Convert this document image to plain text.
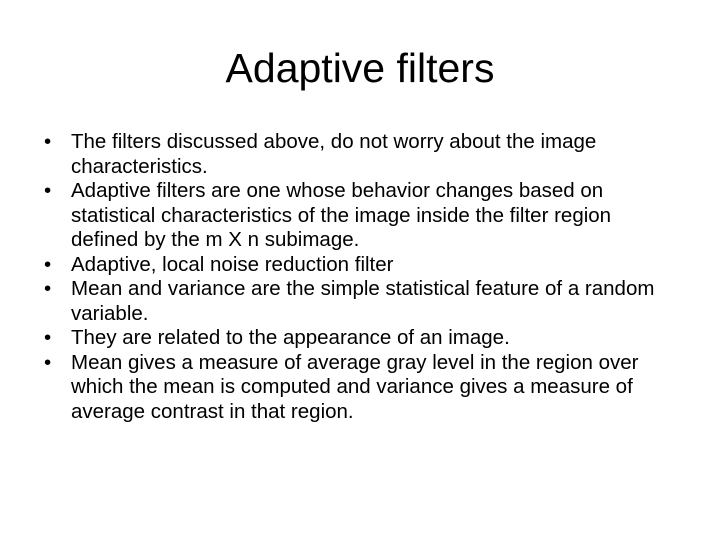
Adaptive filters
• The filters discussed above, do not worry about the image characteristics.
• Adaptive filters are one whose behavior changes based on statistical characteristics of the image inside the filter region defined by the m X n subimage.
• Adaptive, local noise reduction filter
• Mean and variance are the simple statistical feature of a random variable.
• They are related to the appearance of an image.
• Mean gives a measure of average gray level in the region over which the mean is computed and variance gives a measure of average contrast in that region.
